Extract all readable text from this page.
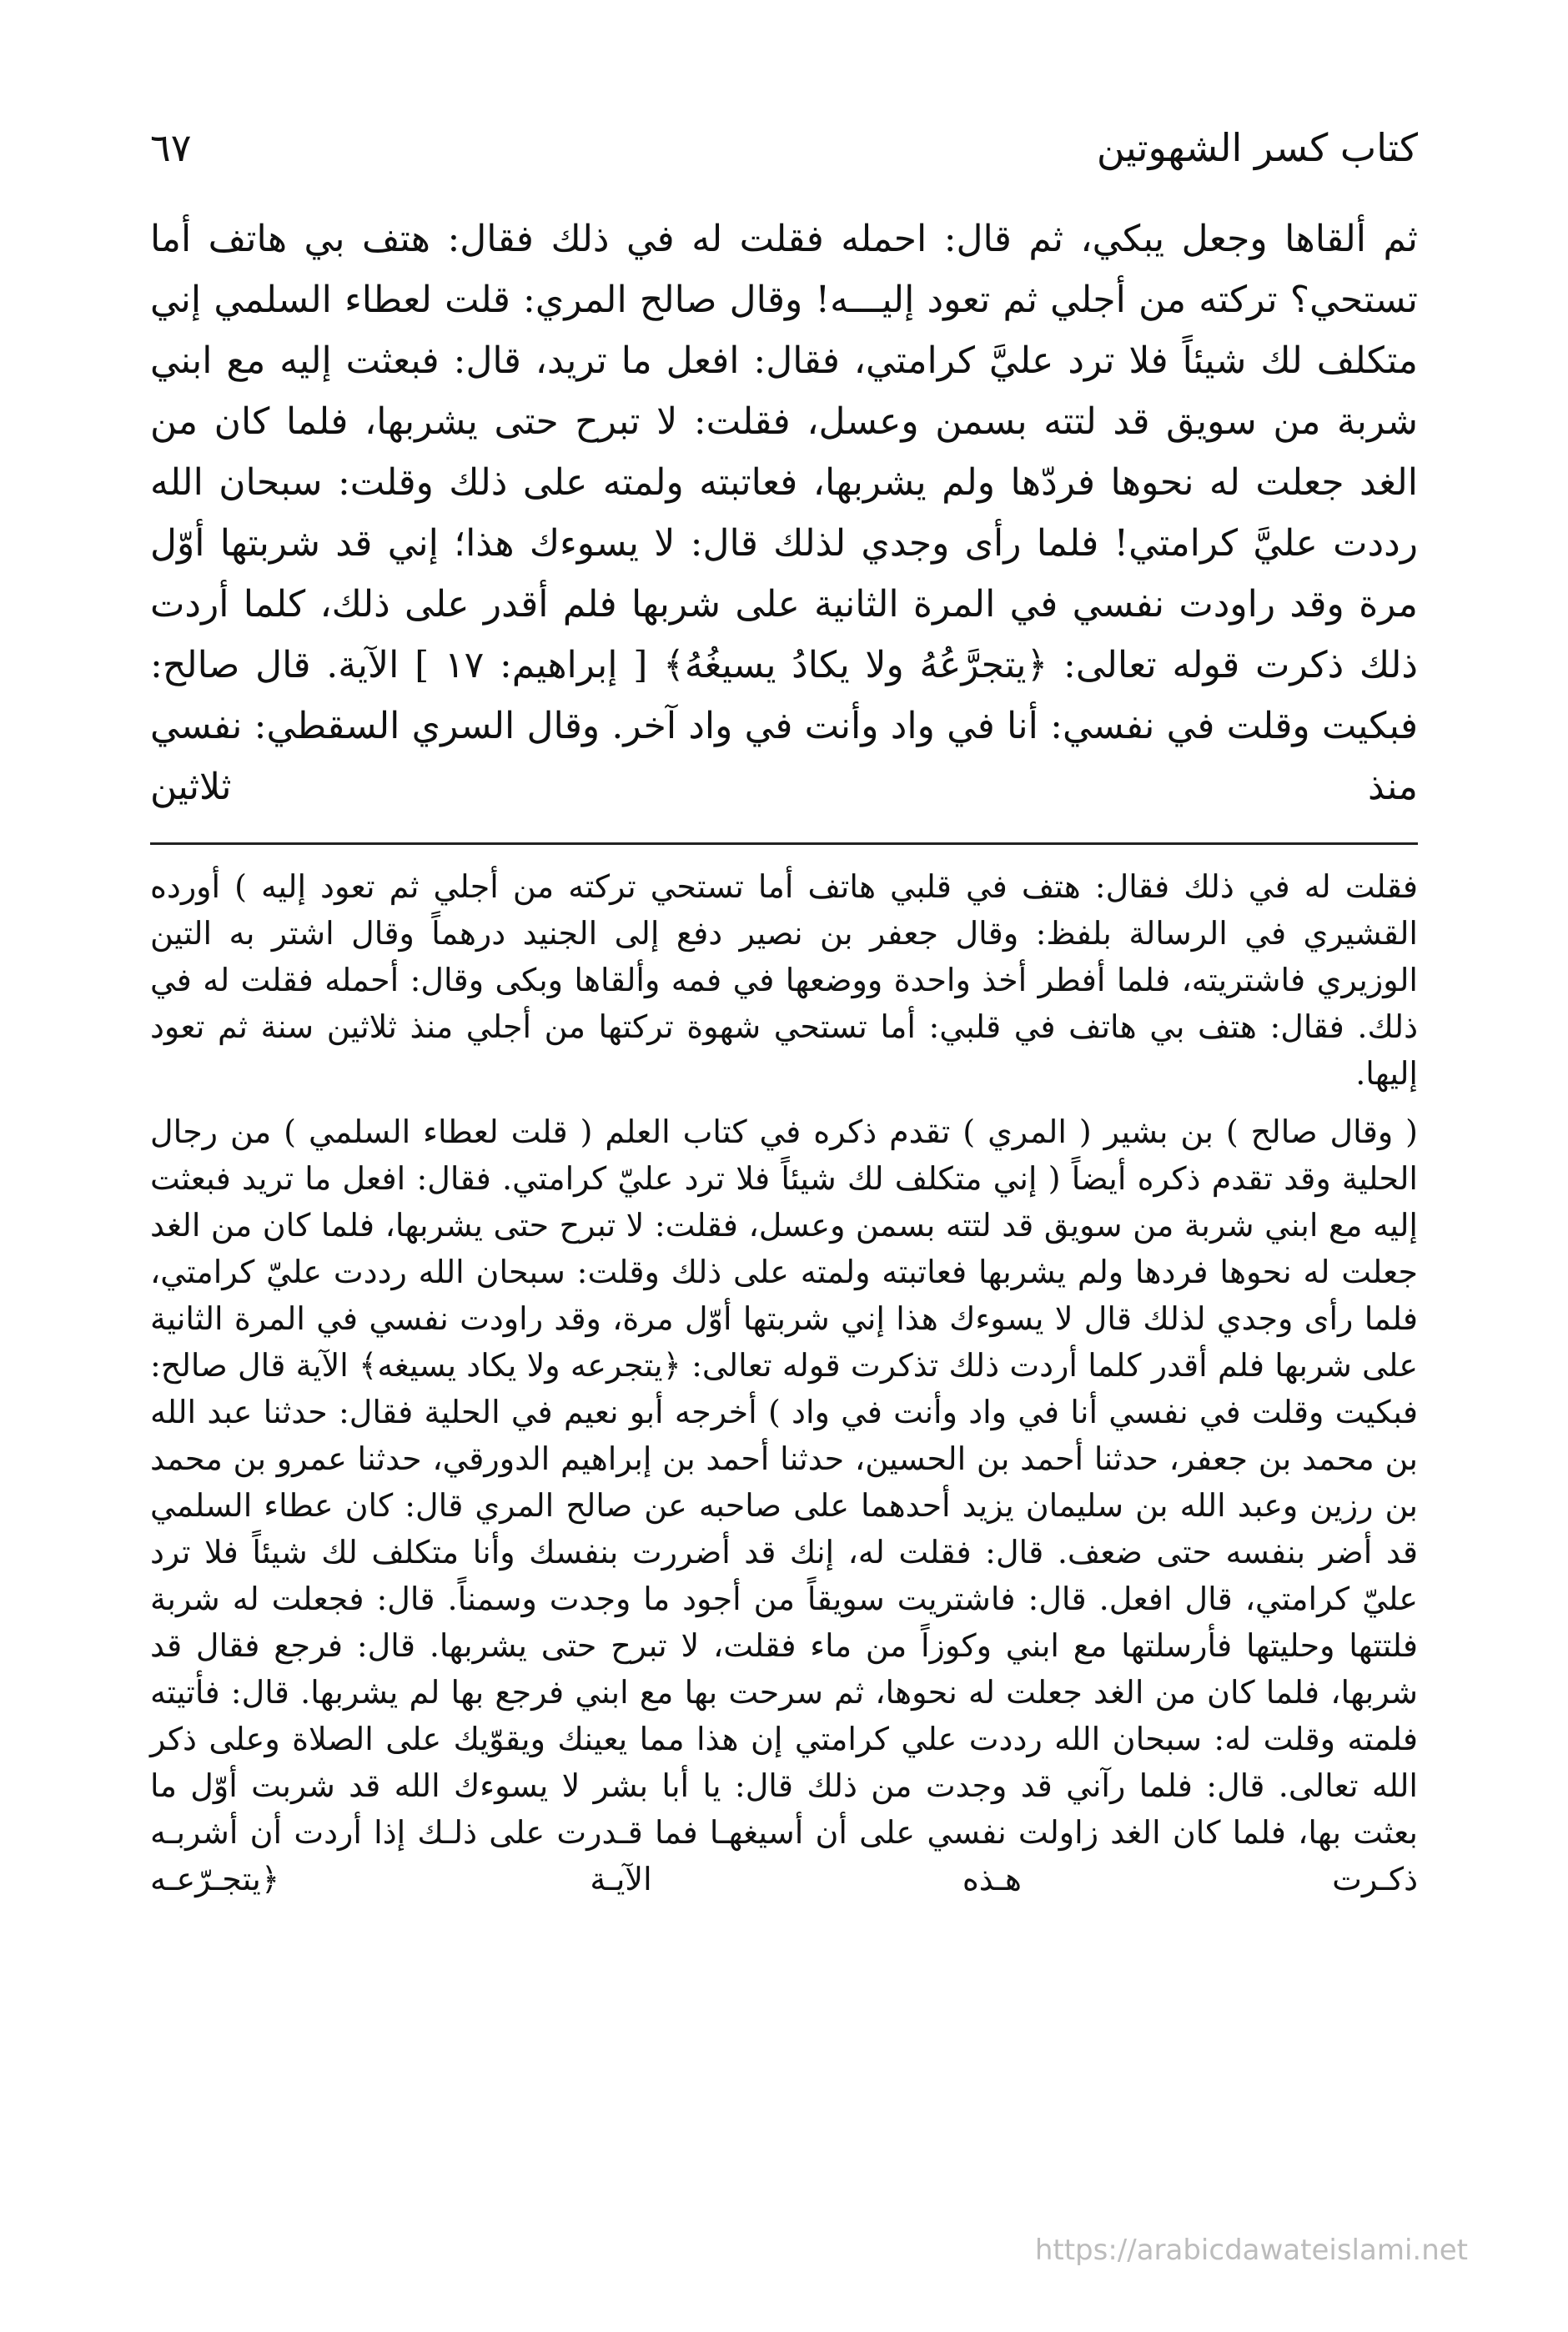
كتاب كسر الشهوتين
٦٧

ثم ألقاها وجعل يبكي، ثم قال: احمله فقلت له في ذلك فقال: هتف بي هاتف أما تستحي؟ تركته من أجلي ثم تعود إليـــه! وقال صالح المري: قلت لعطاء السلمي إني متكلف لك شيئاً فلا ترد عليَّ كرامتي، فقال: افعل ما تريد، قال: فبعثت إليه مع ابني شربة من سويق قد لتته بسمن وعسل، فقلت: لا تبرح حتى يشربها، فلما كان من الغد جعلت له نحوها فردّها ولم يشربها، فعاتبته ولمته على ذلك وقلت: سبحان الله رددت عليَّ كرامتي! فلما رأى وجدي لذلك قال: لا يسوءك هذا؛ إني قد شربتها أوّل مرة وقد راودت نفسي في المرة الثانية على شربها فلم أقدر على ذلك، كلما أردت ذلك ذكرت قوله تعالى: ﴿يتجرَّعُهُ ولا يكادُ يسيغُهُ﴾ [ إبراهيم: ١٧ ] الآية. قال صالح: فبكيت وقلت في نفسي: أنا في واد وأنت في واد آخر. وقال السري السقطي: نفسي منذ ثلاثين

فقلت له في ذلك فقال: هتف في قلبي هاتف أما تستحي تركته من أجلي ثم تعود إليه ) أورده القشيري في الرسالة بلفظ: وقال جعفر بن نصير دفع إلى الجنيد درهماً وقال اشتر به التين الوزيري فاشتريته، فلما أفطر أخذ واحدة ووضعها في فمه وألقاها وبكى وقال: أحمله فقلت له في ذلك. فقال: هتف بي هاتف في قلبي: أما تستحي شهوة تركتها من أجلي منذ ثلاثين سنة ثم تعود إليها.

( وقال صالح ) بن بشير ( المري ) تقدم ذكره في كتاب العلم ( قلت لعطاء السلمي ) من رجال الحلية وقد تقدم ذكره أيضاً ( إني متكلف لك شيئاً فلا ترد عليّ كرامتي. فقال: افعل ما تريد فبعثت إليه مع ابني شربة من سويق قد لتته بسمن وعسل، فقلت: لا تبرح حتى يشربها، فلما كان من الغد جعلت له نحوها فردها ولم يشربها فعاتبته ولمته على ذلك وقلت: سبحان الله رددت عليّ كرامتي، فلما رأى وجدي لذلك قال لا يسوءك هذا إني شربتها أوّل مرة، وقد راودت نفسي في المرة الثانية على شربها فلم أقدر كلما أردت ذلك تذكرت قوله تعالى: ﴿يتجرعه ولا يكاد يسيغه﴾ الآية قال صالح: فبكيت وقلت في نفسي أنا في واد وأنت في واد ) أخرجه أبو نعيم في الحلية فقال: حدثنا عبد الله بن محمد بن جعفر، حدثنا أحمد بن الحسين، حدثنا أحمد بن إبراهيم الدورقي، حدثنا عمرو بن محمد بن رزين وعبد الله بن سليمان يزيد أحدهما على صاحبه عن صالح المري قال: كان عطاء السلمي قد أضر بنفسه حتى ضعف. قال: فقلت له، إنك قد أضررت بنفسك وأنا متكلف لك شيئاً فلا ترد عليّ كرامتي، قال افعل. قال: فاشتريت سويقاً من أجود ما وجدت وسمناً. قال: فجعلت له شربة فلتتها وحليتها فأرسلتها مع ابني وكوزاً من ماء فقلت، لا تبرح حتى يشربها. قال: فرجع فقال قد شربها، فلما كان من الغد جعلت له نحوها، ثم سرحت بها مع ابني فرجع بها لم يشربها. قال: فأتيته فلمته وقلت له: سبحان الله رددت علي كرامتي إن هذا مما يعينك ويقوّيك على الصلاة وعلى ذكر الله تعالى. قال: فلما رآني قد وجدت من ذلك قال: يا أبا بشر لا يسوءك الله قد شربت أوّل ما بعثت بها، فلما كان الغد زاولت نفسي على أن أسيغهـا فما قـدرت على ذلـك إذا أردت أن أشربـه ذكـرت هـذه الآيـة ﴿يتجـرّعـه

https://arabicdawateislami.net
